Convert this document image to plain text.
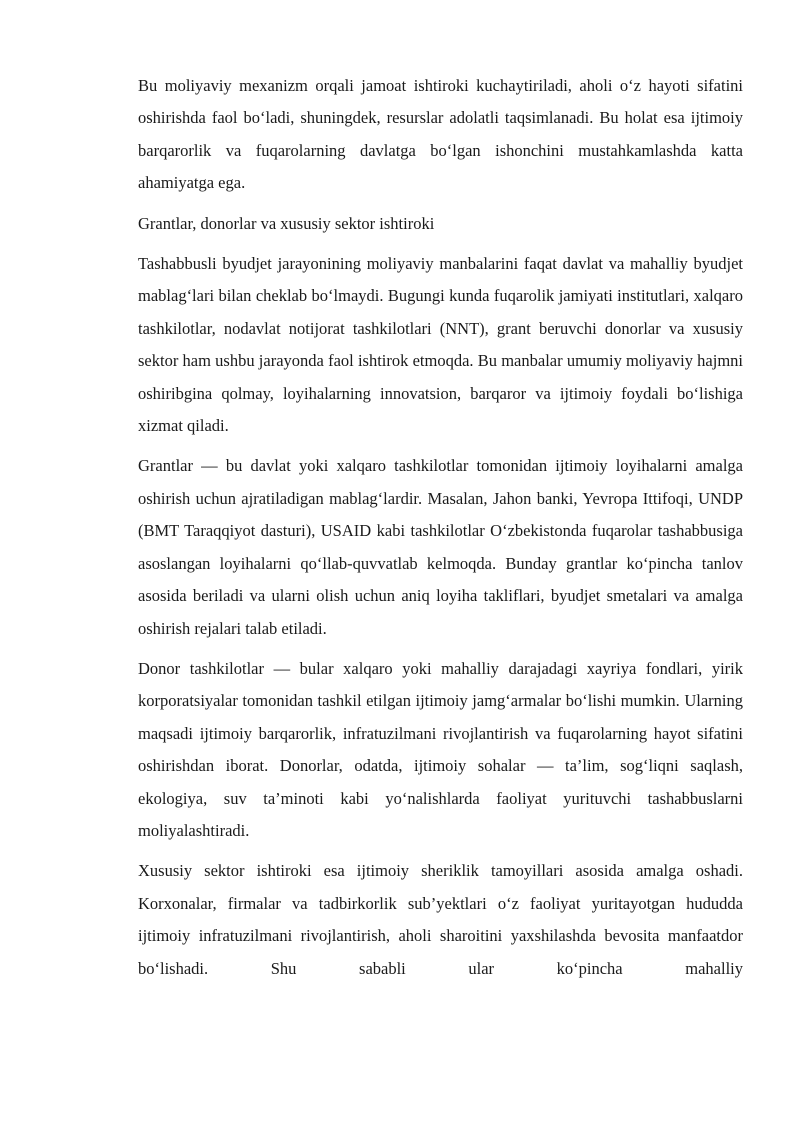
Bu moliyaviy mexanizm orqali jamoat ishtiroki kuchaytiriladi, aholi o‘z hayoti sifatini oshirishda faol bo‘ladi, shuningdek, resurslar adolatli taqsimlanadi. Bu holat esa ijtimoiy barqarorlik va fuqarolarning davlatga bo‘lgan ishonchini mustahkamlashda katta ahamiyatga ega.

Grantlar, donorlar va xususiy sektor ishtiroki

Tashabbusli byudjet jarayonining moliyaviy manbalarini faqat davlat va mahalliy byudjet mablag‘lari bilan cheklab bo‘lmaydi. Bugungi kunda fuqarolik jamiyati institutlari, xalqaro tashkilotlar, nodavlat notijorat tashkilotlari (NNT), grant beruvchi donorlar va xususiy sektor ham ushbu jarayonda faol ishtirok etmoqda. Bu manbalar umumiy moliyaviy hajmni oshiribgina qolmay, loyihalarning innovatsion, barqaror va ijtimoiy foydali bo‘lishiga xizmat qiladi.

Grantlar — bu davlat yoki xalqaro tashkilotlar tomonidan ijtimoiy loyihalarni amalga oshirish uchun ajratiladigan mablag‘lardir. Masalan, Jahon banki, Yevropa Ittifoqi, UNDP (BMT Taraqqiyot dasturi), USAID kabi tashkilotlar O‘zbekistonda fuqarolar tashabbusiga asoslangan loyihalarni qo‘llab-quvvatlab kelmoqda. Bunday grantlar ko‘pincha tanlov asosida beriladi va ularni olish uchun aniq loyiha takliflari, byudjet smetalari va amalga oshirish rejalari talab etiladi.

Donor tashkilotlar — bular xalqaro yoki mahalliy darajadagi xayriya fondlari, yirik korporatsiyalar tomonidan tashkil etilgan ijtimoiy jamg‘armalar bo‘lishi mumkin. Ularning maqsadi ijtimoiy barqarorlik, infratuzilmani rivojlantirish va fuqarolarning hayot sifatini oshirishdan iborat. Donorlar, odatda, ijtimoiy sohalar — ta’lim, sog‘liqni saqlash, ekologiya, suv ta’minoti kabi yo‘nalishlarda faoliyat yurituvchi tashabbuslarni moliyalashtiradi.

Xususiy sektor ishtiroki esa ijtimoiy sheriklik tamoyillari asosida amalga oshadi. Korxonalar, firmalar va tadbirkorlik sub’yektlari o‘z faoliyat yuritayotgan hududda ijtimoiy infratuzilmani rivojlantirish, aholi sharoitini yaxshilashda bevosita manfaatdor bo‘lishadi. Shu sababli ular ko‘pincha mahalliy
